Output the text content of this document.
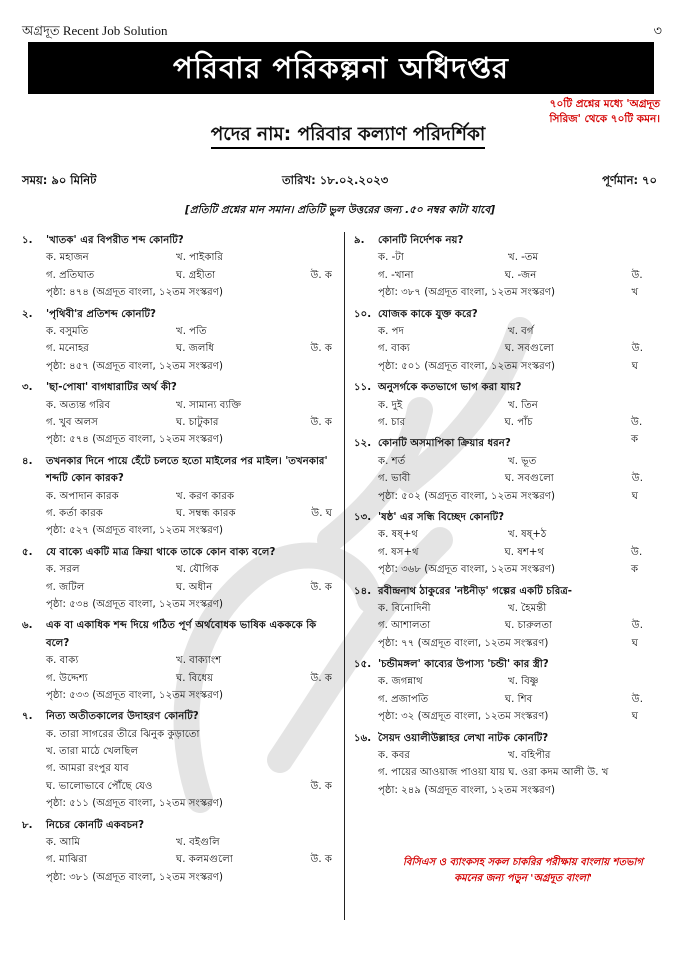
অগ্রদূত Recent Job Solution	৩
পরিবার পরিকল্পনা অধিদপ্তর
৭০টি প্রশ্নের মধ্যে 'অগ্রদূত
সিরিজ' থেকে ৭০টি কমন।
পদের নাম: পরিবার কল্যাণ পরিদর্শিকা
সময়: ৯০ মিনিট	তারিখ: ১৮.০২.২০২৩	পূর্ণমান: ৭০
[প্রতিটি প্রশ্নের মান সমান। প্রতিটি ভুল উত্তরের জন্য .৫০ নম্বর কাটা যাবে]
১.	'খাতক' এর বিপরীত শব্দ কোনটি?
ক. মহাজন	খ. পাইকারি
গ. প্রতিঘাত	ঘ. গ্রহীতা	উ. ক
পৃষ্ঠা: ৪৭৪ (অগ্রদূত বাংলা, ১২তম সংস্করণ)
২.	'পৃথিবী'র প্রতিশব্দ কোনটি?
ক. বসুমতি	খ. পতি
গ. মনোহর	ঘ. জলধি	উ. ক
পৃষ্ঠা: ৪৫৭ (অগ্রদূত বাংলা, ১২তম সংস্করণ)
৩.	'ছা-পোষা' বাগধারাটির অর্থ কী?
ক. অত্যন্ত গরিব	খ. সামান্য ব্যক্তি
গ. খুব অলস	ঘ. চাটুকার	উ. ক
পৃষ্ঠা: ৫৭৪ (অগ্রদূত বাংলা, ১২তম সংস্করণ)
৪.	তখনকার দিনে পায়ে হেঁটে চলতে হতো মাইলের পর মাইল। 'তখনকার' শব্দটি কোন কারক?
ক. অপাদান কারক	খ. করণ কারক
গ. কর্তা কারক	ঘ. সম্বন্ধ কারক	উ. ঘ
পৃষ্ঠা: ৫২৭ (অগ্রদূত বাংলা, ১২তম সংস্করণ)
৫.	যে বাক্যে একটি মাত্র ক্রিয়া থাকে তাকে কোন বাক্য বলে?
ক. সরল	খ. যৌগিক
গ. জটিল	ঘ. অধীন	উ. ক
পৃষ্ঠা: ৫৩৪ (অগ্রদূত বাংলা, ১২তম সংস্করণ)
৬.	এক বা একাধিক শব্দ দিয়ে গঠিত পূর্ণ অর্থবোধক ভাষিক একককে কি বলে?
ক. বাক্য	খ. বাক্যাংশ
গ. উদ্দেশ্য	ঘ. বিধেয়	উ. ক
পৃষ্ঠা: ৫৩৩ (অগ্রদূত বাংলা, ১২তম সংস্করণ)
৭.	নিত্য অতীতকালের উদাহরণ কোনটি?
ক. তারা সাগরের তীরে ঝিনুক কুড়াতো
খ. তারা মাঠে খেলছিল
গ. আমরা রংপুর যাব
ঘ. ভালোভাবে পৌঁছে যেও	উ. ক
পৃষ্ঠা: ৫১১ (অগ্রদূত বাংলা, ১২তম সংস্করণ)
৮.	নিচের কোনটি একবচন?
ক. আমি	খ. বইগুলি
গ. মাঝিরা	ঘ. কলমগুলো	উ. ক
পৃষ্ঠা: ৩৮১ (অগ্রদূত বাংলা, ১২তম সংস্করণ)
৯.	কোনটি নির্দেশক নয়?
ক. -টা	খ. -তম
গ. -খানা	ঘ. -জন	উ. খ
পৃষ্ঠা: ৩৮৭ (অগ্রদূত বাংলা, ১২তম সংস্করণ)
১০. যোজক কাকে যুক্ত করে?
ক. পদ	খ. বর্গ
গ. বাক্য	ঘ. সবগুলো	উ. ঘ
পৃষ্ঠা: ৫০১ (অগ্রদূত বাংলা, ১২তম সংস্করণ)
১১. অনুসর্গকে কতভাগে ভাগ করা যায়?
ক. দুই	খ. তিন
গ. চার	ঘ. পাঁচ	উ. ক
১২. কোনটি অসমাপিকা ক্রিয়ার ধরন?
ক. শর্ত	খ. ভূত
গ. ভাবী	ঘ. সবগুলো	উ. ঘ
পৃষ্ঠা: ৫০২ (অগ্রদূত বাংলা, ১২তম সংস্করণ)
১৩. 'ষষ্ঠ' এর সন্ধি বিচ্ছেদ কোনটি?
ক. ষষ্+থ	খ. ষষ্+ঠ
গ. ষস+থ	ঘ. ষশ+থ	উ. ক
পৃষ্ঠা: ৩৬৮ (অগ্রদূত বাংলা, ১২তম সংস্করণ)
১৪. রবীন্দ্রনাথ ঠাকুরের 'নষ্টনীড়' গল্পের একটি চরিত্র-
ক. বিনোদিনী	খ. হৈমন্তী
গ. আশালতা	ঘ. চারুলতা	উ. ঘ
পৃষ্ঠা: ৭৭ (অগ্রদূত বাংলা, ১২তম সংস্করণ)
১৫. 'চন্ডীমঙ্গল' কাব্যের উপাস্য 'চন্ডী' কার স্ত্রী?
ক. জগন্নাথ	খ. বিষ্ণু
গ. প্রজাপতি	ঘ. শিব	উ. ঘ
পৃষ্ঠা: ৩২ (অগ্রদূত বাংলা, ১২তম সংস্করণ)
১৬. সৈয়দ ওয়ালীউল্লাহর লেখা নাটক কোনটি?
ক. কবর	খ. বহিপীর
গ. পায়ের আওয়াজ পাওয়া যায় ঘ. ওরা কদম আলী উ. খ
পৃষ্ঠা: ২৪৯ (অগ্রদূত বাংলা, ১২তম সংস্করণ)
বিসিএস ও ব্যাংকসহ সকল চাকরির পরীক্ষায় বাংলায় শতভাগ
কমনের জন্য পড়ুন 'অগ্রদূত বাংলা'
